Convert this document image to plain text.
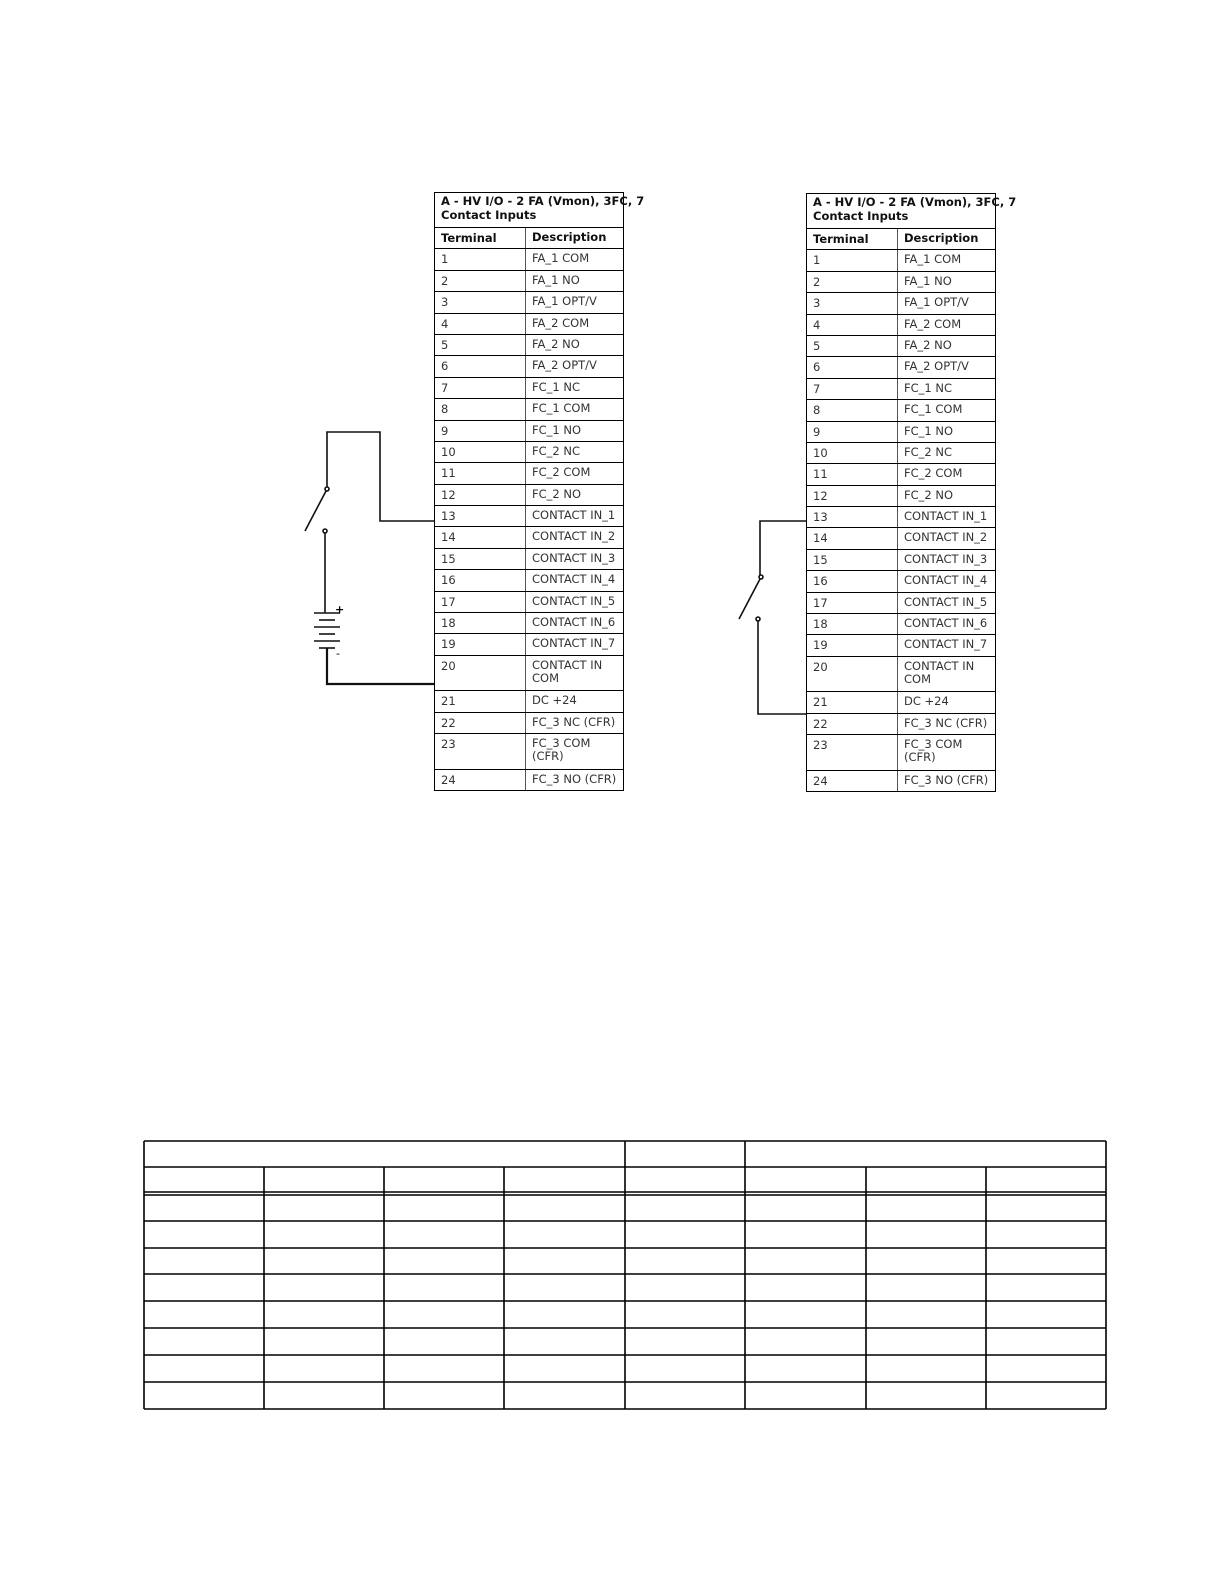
+
-
A - HV I/O - 2 FA (Vmon), 3FC, 7
Contact Inputs
Terminal	Description
1	FA_1 COM
2	FA_1 NO
3	FA_1 OPT/V
4	FA_2 COM
5	FA_2 NO
6	FA_2 OPT/V
7	FC_1 NC
8	FC_1 COM
9	FC_1 NO
10	FC_2 NC
11	FC_2 COM
12	FC_2 NO
13	CONTACT IN_1
14	CONTACT IN_2
15	CONTACT IN_3
16	CONTACT IN_4
17	CONTACT IN_5
18	CONTACT IN_6
19	CONTACT IN_7
20	CONTACT IN COM
21	DC +24
22	FC_3 NC (CFR)
23	FC_3 COM (CFR)
24	FC_3 NO (CFR)
A - HV I/O - 2 FA (Vmon), 3FC, 7
Contact Inputs
Terminal	Description
1	FA_1 COM
2	FA_1 NO
3	FA_1 OPT/V
4	FA_2 COM
5	FA_2 NO
6	FA_2 OPT/V
7	FC_1 NC
8	FC_1 COM
9	FC_1 NO
10	FC_2 NC
11	FC_2 COM
12	FC_2 NO
13	CONTACT IN_1
14	CONTACT IN_2
15	CONTACT IN_3
16	CONTACT IN_4
17	CONTACT IN_5
18	CONTACT IN_6
19	CONTACT IN_7
20	CONTACT IN COM
21	DC +24
22	FC_3 NC (CFR)
23	FC_3 COM (CFR)
24	FC_3 NO (CFR)
